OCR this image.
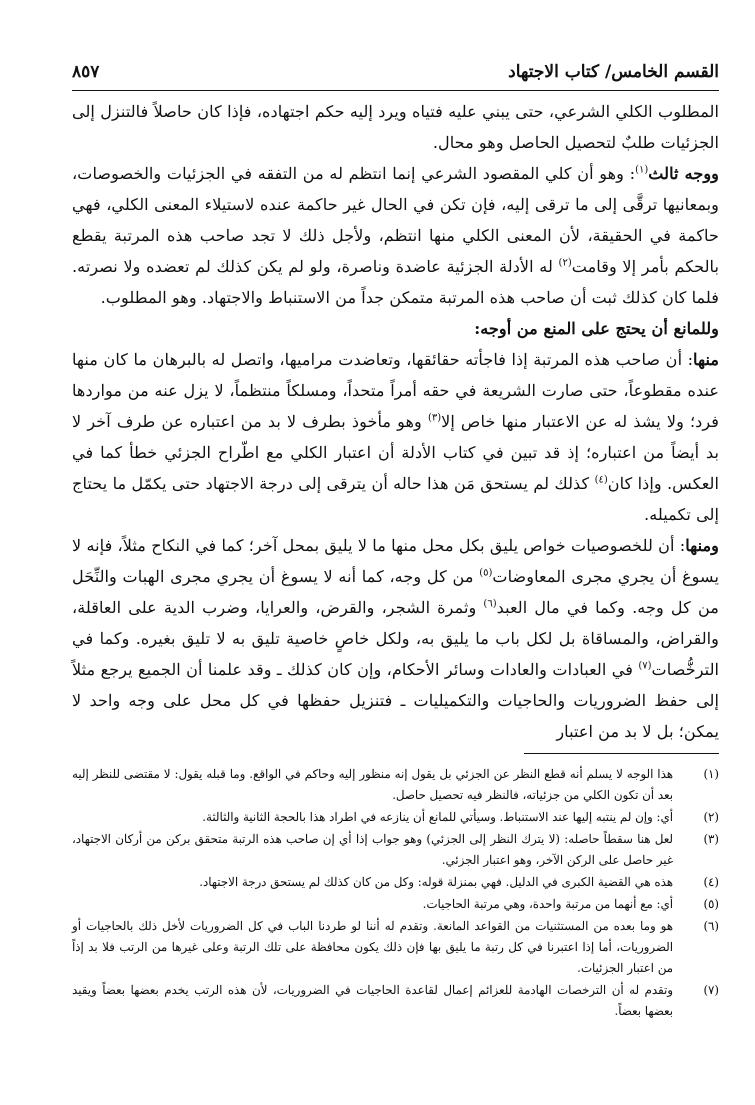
القسم الخامس/ كتاب الاجتهاد
٨٥٧

المطلوب الكلي الشرعي، حتى يبني عليه فتياه ويرد إليه حكم اجتهاده، فإذا كان حاصلاً فالتنزل إلى الجزئيات طلبٌ لتحصيل الحاصل وهو محال.

ووجه ثالث$^{(١)}$: وهو أن كلي المقصود الشرعي إنما انتظم له من التفقه في الجزئيات والخصوصات، وبمعانيها ترقَّى إلى ما ترقى إليه، فإن تكن في الحال غير حاكمة عنده لاستيلاء المعنى الكلي، فهي حاكمة في الحقيقة، لأن المعنى الكلي منها انتظم، ولأجل ذلك لا تجد صاحب هذه المرتبة يقطع بالحكم بأمر إلا وقامت$^{(٢)}$ له الأدلة الجزئية عاضدة وناصرة، ولو لم يكن كذلك لم تعضده ولا نصرته. فلما كان كذلك ثبت أن صاحب هذه المرتبة متمكن جداً من الاستنباط والاجتهاد. وهو المطلوب.

وللمانع أن يحتج على المنع من أوجه:

منها: أن صاحب هذه المرتبة إذا فاجأته حقائقها، وتعاضدت مراميها، واتصل له بالبرهان ما كان منها عنده مقطوعاً، حتى صارت الشريعة في حقه أمراً متحداً، ومسلكاً منتظماً، لا يزل عنه من مواردها فرد؛ ولا يشذ له عن الاعتبار منها خاص إلا$^{(٣)}$ وهو مأخوذ بطرف لا بد من اعتباره عن طرف آخر لا بد أيضاً من اعتباره؛ إذ قد تبين في كتاب الأدلة أن اعتبار الكلي مع اطّراح الجزئي خطأ كما في العكس. وإذا كان$^{(٤)}$ كذلك لم يستحق مَن هذا حاله أن يترقى إلى درجة الاجتهاد حتى يكمّل ما يحتاج إلى تكميله.

ومنها: أن للخصوصيات خواص يليق بكل محل منها ما لا يليق بمحل آخر؛ كما في النكاح مثلاً، فإنه لا يسوغ أن يجري مجرى المعاوضات$^{(٥)}$ من كل وجه، كما أنه لا يسوغ أن يجري مجرى الهبات والنِّحَل من كل وجه. وكما في مال العبد$^{(٦)}$ وثمرة الشجر، والقرض، والعرايا، وضرب الدية على العاقلة، والقراض، والمساقاة بل لكل باب ما يليق به، ولكل خاصٍ خاصية تليق به لا تليق بغيره. وكما في الترخُّصات$^{(٧)}$ في العبادات والعادات وسائر الأحكام، وإن كان كذلك ـ وقد علمنا أن الجميع يرجع مثلاً إلى حفظ الضروريات والحاجيات والتكميليات ـ فتنزيل حفظها في كل محل على وجه واحد لا يمكن؛ بل لا بد من اعتبار

(١)
هذا الوجه لا يسلم أنه قطع النظر عن الجزئي بل يقول إنه منظور إليه وحاكم في الواقع. وما قبله يقول: لا مقتضى للنظر إليه بعد أن تكون الكلي من جزئياته، فالنظر فيه تحصيل حاصل.
(٢)
أي: وإن لم ينتبه إليها عند الاستنباط. وسيأتي للمانع أن ينازعه في اطراد هذا بالحجة الثانية والثالثة.
(٣)
لعل هنا سقطاً حاصله: (لا يترك النظر إلى الجزئي) وهو جواب إذا أي إن صاحب هذه الرتبة متحقق بركن من أركان الاجتهاد، غير حاصل على الركن الآخر، وهو اعتبار الجزئي.
(٤)
هذه هي القضية الكبرى في الدليل. فهي بمنزلة قوله: وكل من كان كذلك لم يستحق درجة الاجتهاد.
(٥)
أي: مع أنهما من مرتبة واحدة، وهي مرتبة الحاجيات.
(٦)
هو وما بعده من المستثنيات من القواعد المانعة. وتقدم له أننا لو طردنا الباب في كل الضروريات لأخل ذلك بالحاجيات أو الضروريات، أما إذا اعتبرنا في كل رتبة ما يليق بها فإن ذلك يكون محافظة على تلك الرتبة وعلى غيرها من الرتب فلا بد إذاً من اعتبار الجزئيات.
(٧)
وتقدم له أن الترخصات الهادمة للعزائم إعمال لقاعدة الحاجيات في الضروريات، لأن هذه الرتب يخدم بعضها بعضاً ويقيد بعضها بعضاً.
